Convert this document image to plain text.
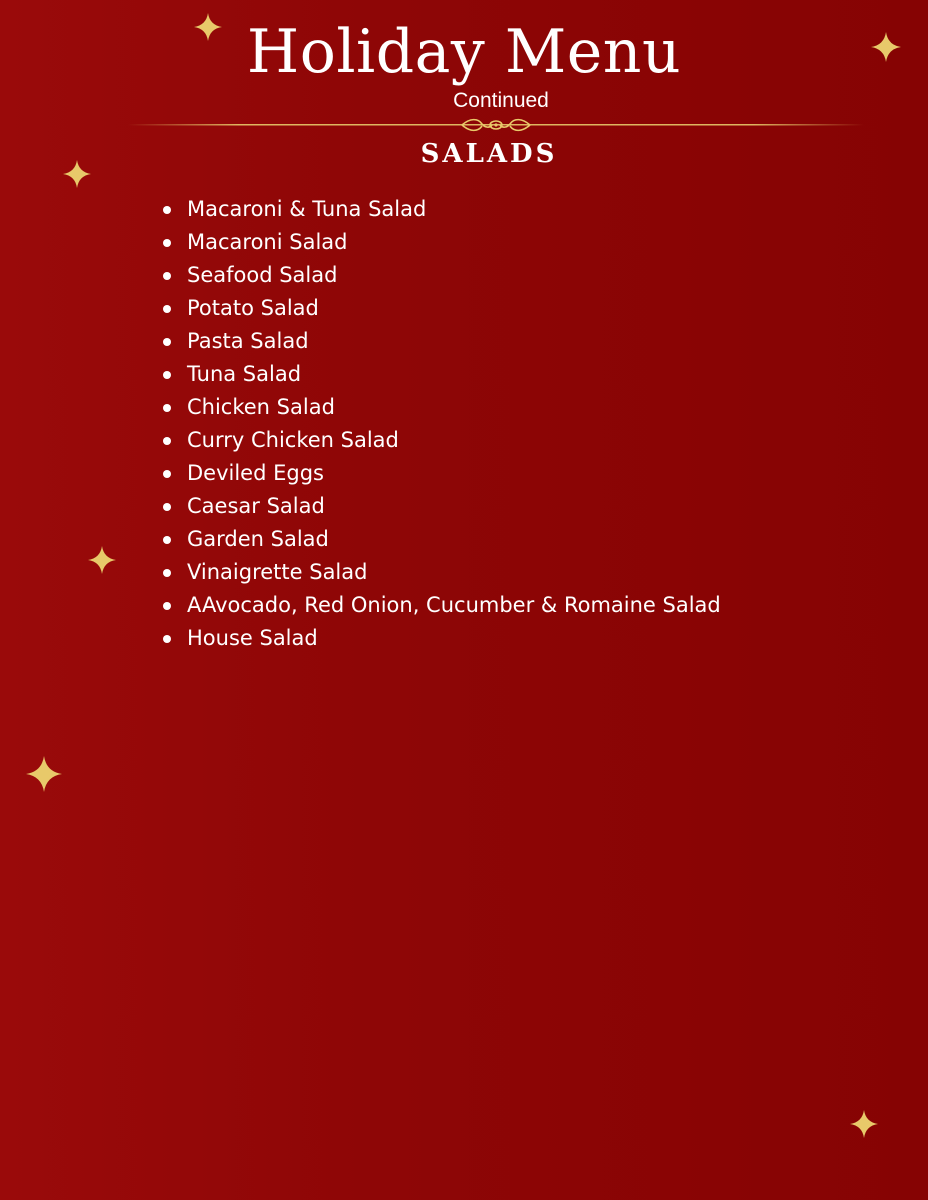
Holiday Menu
Continued
SALADS
Macaroni & Tuna Salad
Macaroni Salad
Seafood Salad
Potato Salad
Pasta Salad
Tuna Salad
Chicken Salad
Curry Chicken Salad
Deviled Eggs
Caesar Salad
Garden Salad
Vinaigrette Salad
AAvocado, Red Onion, Cucumber & Romaine Salad
House Salad
